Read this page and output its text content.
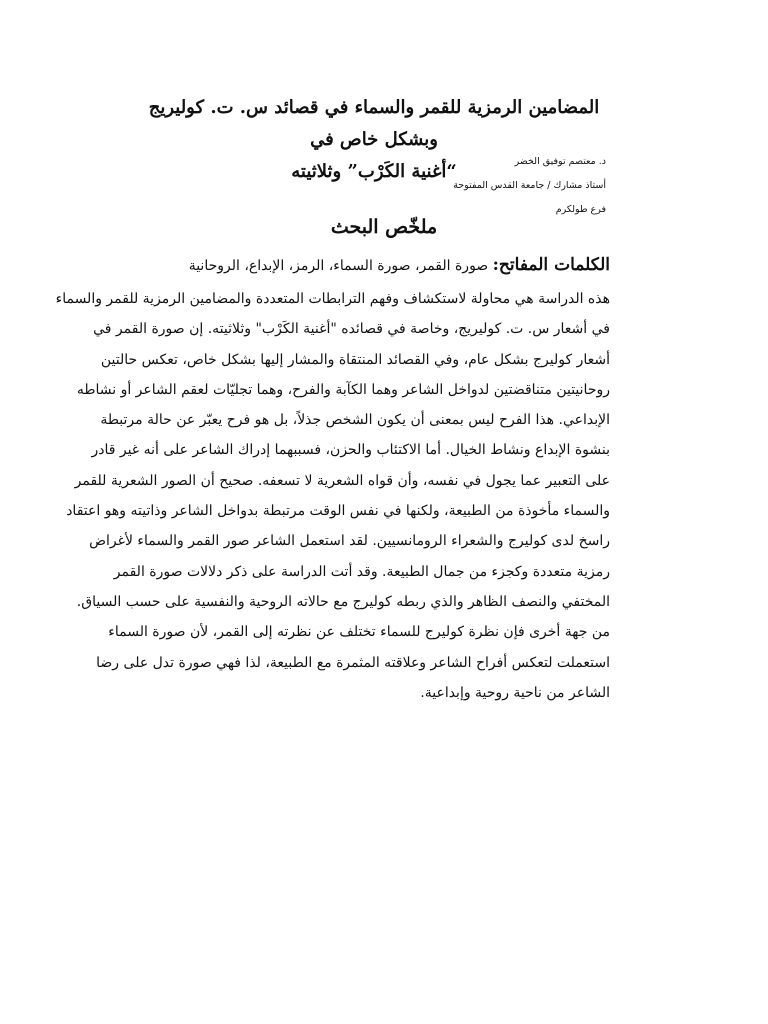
المضامين الرمزية للقمر والسماء في قصائد س. ت. كوليريج وبشكل خاص في
“أغنية الكَرْب” وثلاثيته	د. معتصم توفيق الخضر
أستاذ مشارك / جامعة القدس المفتوحة
فرع طولكرم
ملخّص البحث
الكلمات المفاتح: صورة القمر، صورة السماء، الرمز، الإبداع، الروحانية
هذه الدراسة هي محاولة لاستكشاف وفهم الترابطات المتعددة والمضامين الرمزية للقمر والسماء
في أشعار س. ت. كوليريج، وخاصة في قصائده "أغنية الكَرْب" وثلاثيته. إن صورة القمر في
أشعار كوليرج بشكل عام، وفي القصائد المنتقاة والمشار إليها بشكل خاص، تعكس حالتين
روحانيتين متناقضتين لدواخل الشاعر وهما الكآبة والفرح، وهما تجليّات لعقم الشاعر أو نشاطه
الإبداعي. هذا الفرح ليس بمعنى أن يكون الشخص جذلاً، بل هو فرح يعبّر عن حالة مرتبطة
بنشوة الإبداع ونشاط الخيال. أما الاكتئاب والحزن، فسببهما إدراك الشاعر على أنه غير قادر
على التعبير عما يجول في نفسه، وأن قواه الشعرية لا تسعفه. صحيح أن الصور الشعرية للقمر
والسماء مأخوذة من الطبيعة، ولكنها في نفس الوقت مرتبطة بدواخل الشاعر وذاتيته وهو اعتقاد
راسخ لدى كوليرج والشعراء الرومانسيين. لقد استعمل الشاعر صور القمر والسماء لأغراض
رمزية متعددة وكجزء من جمال الطبيعة. وقد أتت الدراسة على ذكر دلالات صورة القمر
المختفي والنصف الظاهر والذي ربطه كوليرج مع حالاته الروحية والنفسية على حسب السياق.
من جهة أخرى فإن نظرة كوليرج للسماء تختلف عن نظرته إلى القمر، لأن صورة السماء
استعملت لتعكس أفراح الشاعر وعلاقته المثمرة مع الطبيعة، لذا فهي صورة تدل على رضا
الشاعر من ناحية روحية وإبداعية.
